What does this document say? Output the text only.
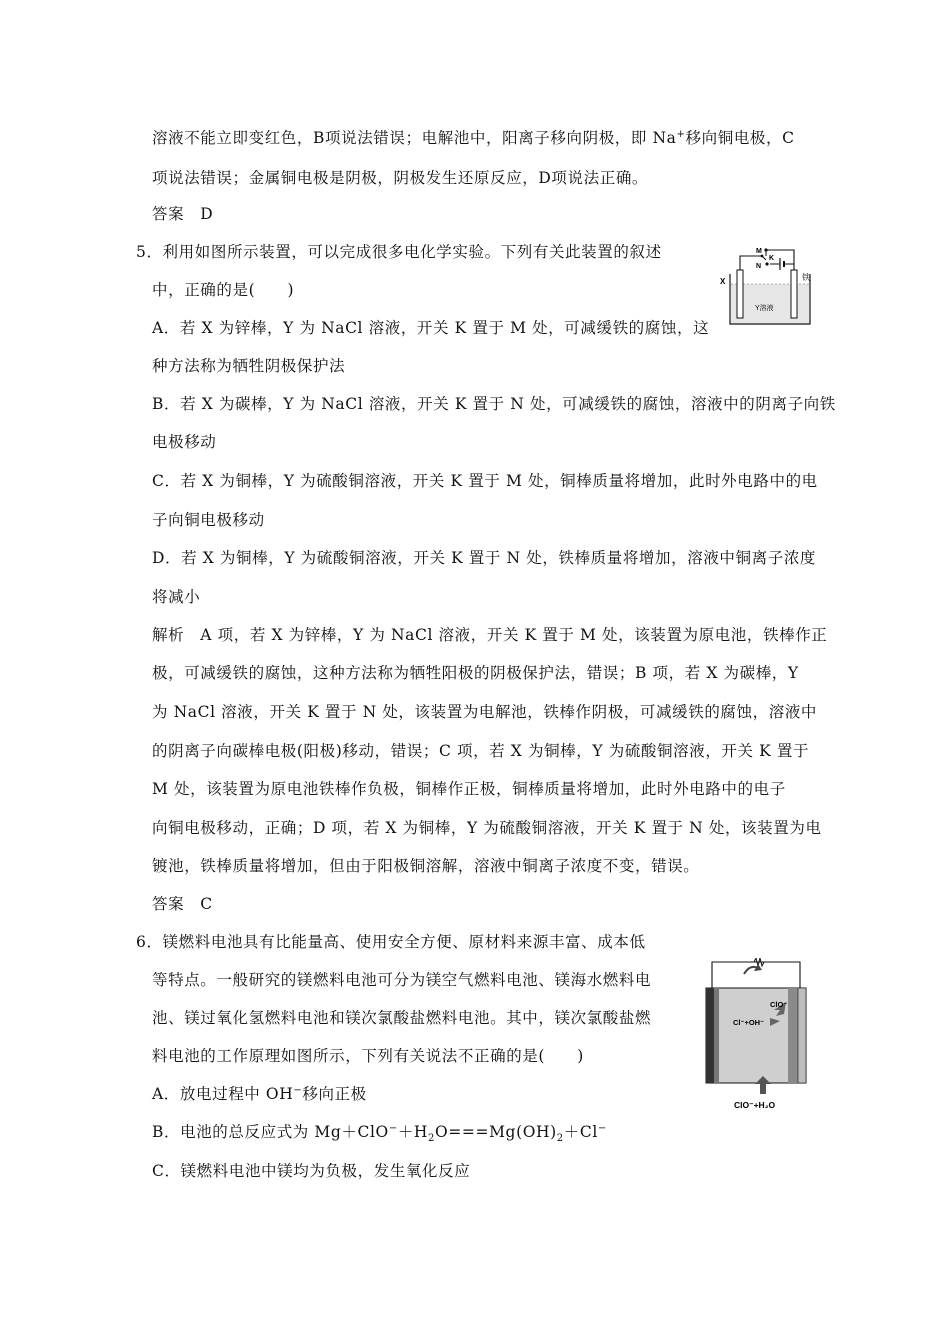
溶液不能立即变红色，B项说法错误；电解池中，阳离子移向阴极，即 Na+移向铜电极，C
项说法错误；金属铜电极是阴极，阴极发生还原反应，D项说法正确。
答案　D
5．利用如图所示装置，可以完成很多电化学实验。下列有关此装置的叙述
中，正确的是(　　)
A．若 X 为锌棒，Y 为 NaCl 溶液，开关 K 置于 M 处，可减缓铁的腐蚀，这
种方法称为牺牲阴极保护法
B．若 X 为碳棒，Y 为 NaCl 溶液，开关 K 置于 N 处，可减缓铁的腐蚀，溶液中的阴离子向铁
电极移动
C．若 X 为铜棒，Y 为硫酸铜溶液，开关 K 置于 M 处，铜棒质量将增加，此时外电路中的电
子向铜电极移动
D．若 X 为铜棒，Y 为硫酸铜溶液，开关 K 置于 N 处，铁棒质量将增加，溶液中铜离子浓度
将减小
解析　A 项，若 X 为锌棒，Y 为 NaCl 溶液，开关 K 置于 M 处，该装置为原电池，铁棒作正
极，可减缓铁的腐蚀，这种方法称为牺牲阳极的阴极保护法，错误；B 项，若 X 为碳棒，Y
为 NaCl 溶液，开关 K 置于 N 处，该装置为电解池，铁棒作阴极，可减缓铁的腐蚀，溶液中
的阴离子向碳棒电极(阳极)移动，错误；C 项，若 X 为铜棒，Y 为硫酸铜溶液，开关 K 置于
M 处，该装置为原电池铁棒作负极，铜棒作正极，铜棒质量将增加，此时外电路中的电子
向铜电极移动，正确；D 项，若 X 为铜棒，Y 为硫酸铜溶液，开关 K 置于 N 处，该装置为电
镀池，铁棒质量将增加，但由于阳极铜溶解，溶液中铜离子浓度不变，错误。
答案　C
6．镁燃料电池具有比能量高、使用安全方便、原材料来源丰富、成本低
等特点。一般研究的镁燃料电池可分为镁空气燃料电池、镁海水燃料电
池、镁过氧化氢燃料电池和镁次氯酸盐燃料电池。其中，镁次氯酸盐燃
料电池的工作原理如图所示，下列有关说法不正确的是(　　)
A．放电过程中 OH−移向正极
B．电池的总反应式为 $Mg+ClO^-+H_2O===Mg(OH)_2+Cl^-$
C．镁燃料电池中镁均为负极，发生氧化反应
M
N
K
X	铁
Y溶液
ClO⁻
Cl⁻+OH⁻
ClO⁻+H₂O
